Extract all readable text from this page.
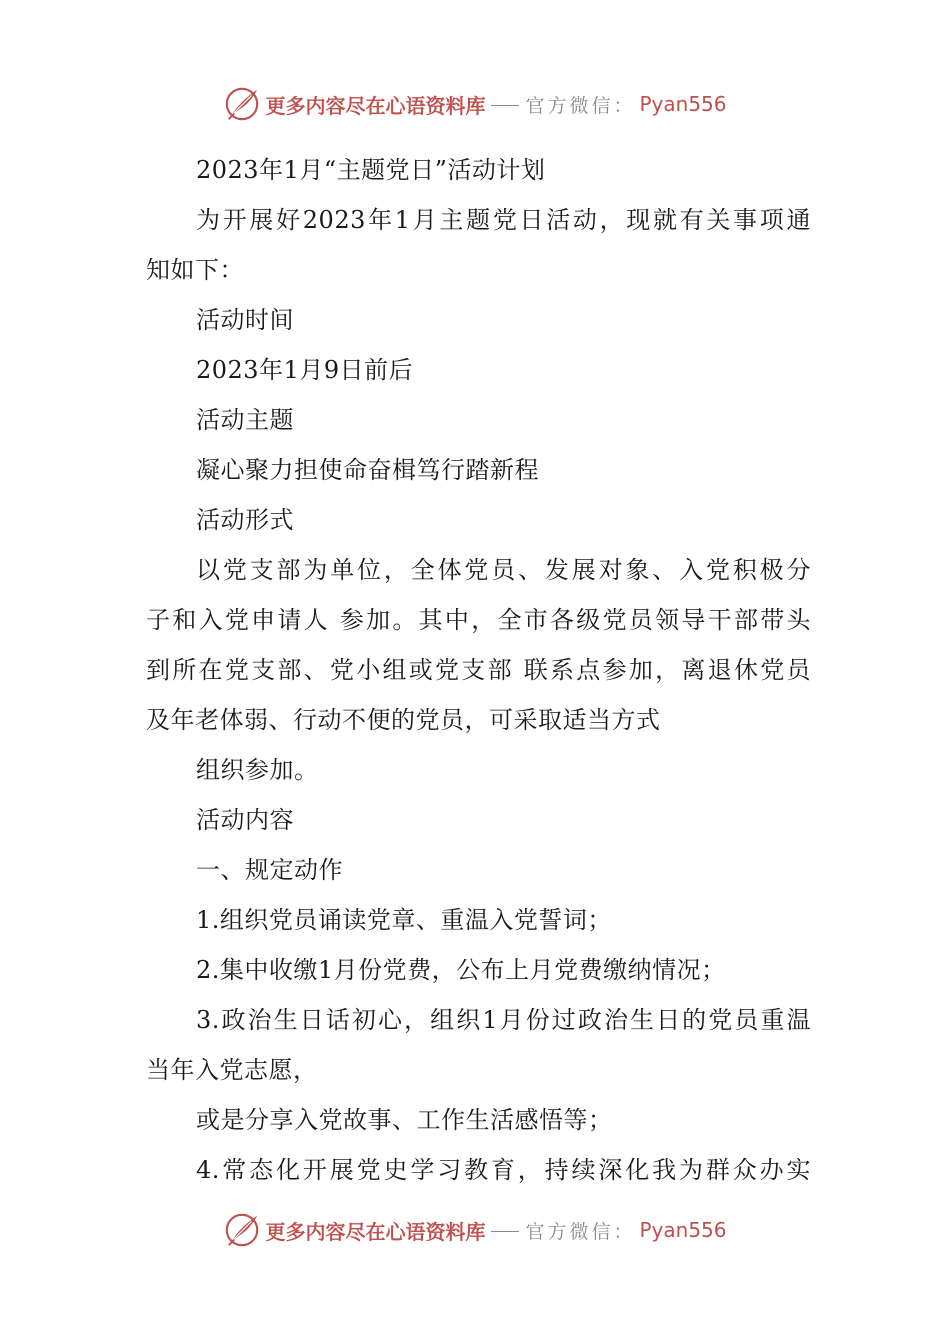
更多内容尽在心语资料库 官方微信： Pyan556
2023年1月“主题党日”活动计划
为开展好2023年1月主题党日活动，现就有关事项通
知如下：
活动时间
2023年1月9日前后
活动主题
凝心聚力担使命奋楫笃行踏新程
活动形式
以党支部为单位，全体党员、发展对象、入党积极分
子和入党申请人 参加。其中，全市各级党员领导干部带头
到所在党支部、党小组或党支部 联系点参加，离退休党员
及年老体弱、行动不便的党员，可采取适当方式
组织参加。
活动内容
一、规定动作
1.组织党员诵读党章、重温入党誓词；
2.集中收缴1月份党费，公布上月党费缴纳情况；
3.政治生日话初心，组织1月份过政治生日的党员重温
当年入党志愿，
或是分享入党故事、工作生活感悟等；
4.常态化开展党史学习教育，持续深化我为群众办实
更多内容尽在心语资料库 官方微信： Pyan556
